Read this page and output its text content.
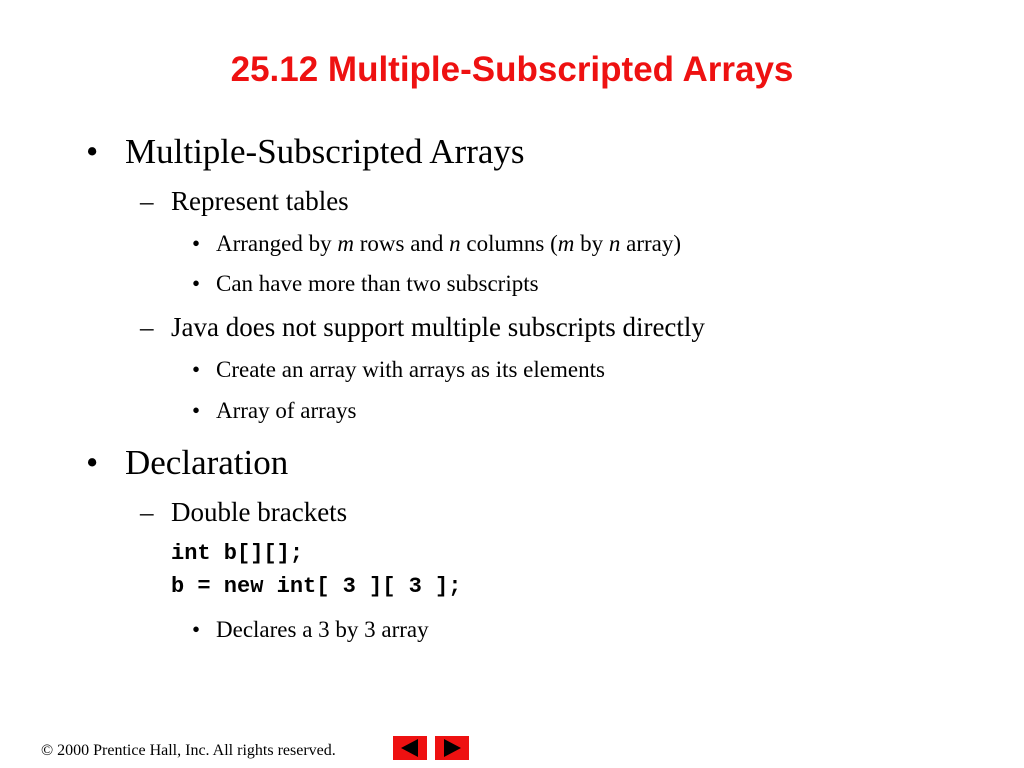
25.12 Multiple-Subscripted Arrays
• Multiple-Subscripted Arrays
– Represent tables
• Arranged by m rows and n columns (m by n array)
• Can have more than two subscripts
– Java does not support multiple subscripts directly
• Create an array with arrays as its elements
• Array of arrays
• Declaration
– Double brackets
int b[][];
b = new int[ 3 ][ 3 ];
• Declares a 3 by 3 array
© 2000 Prentice Hall, Inc. All rights reserved.
